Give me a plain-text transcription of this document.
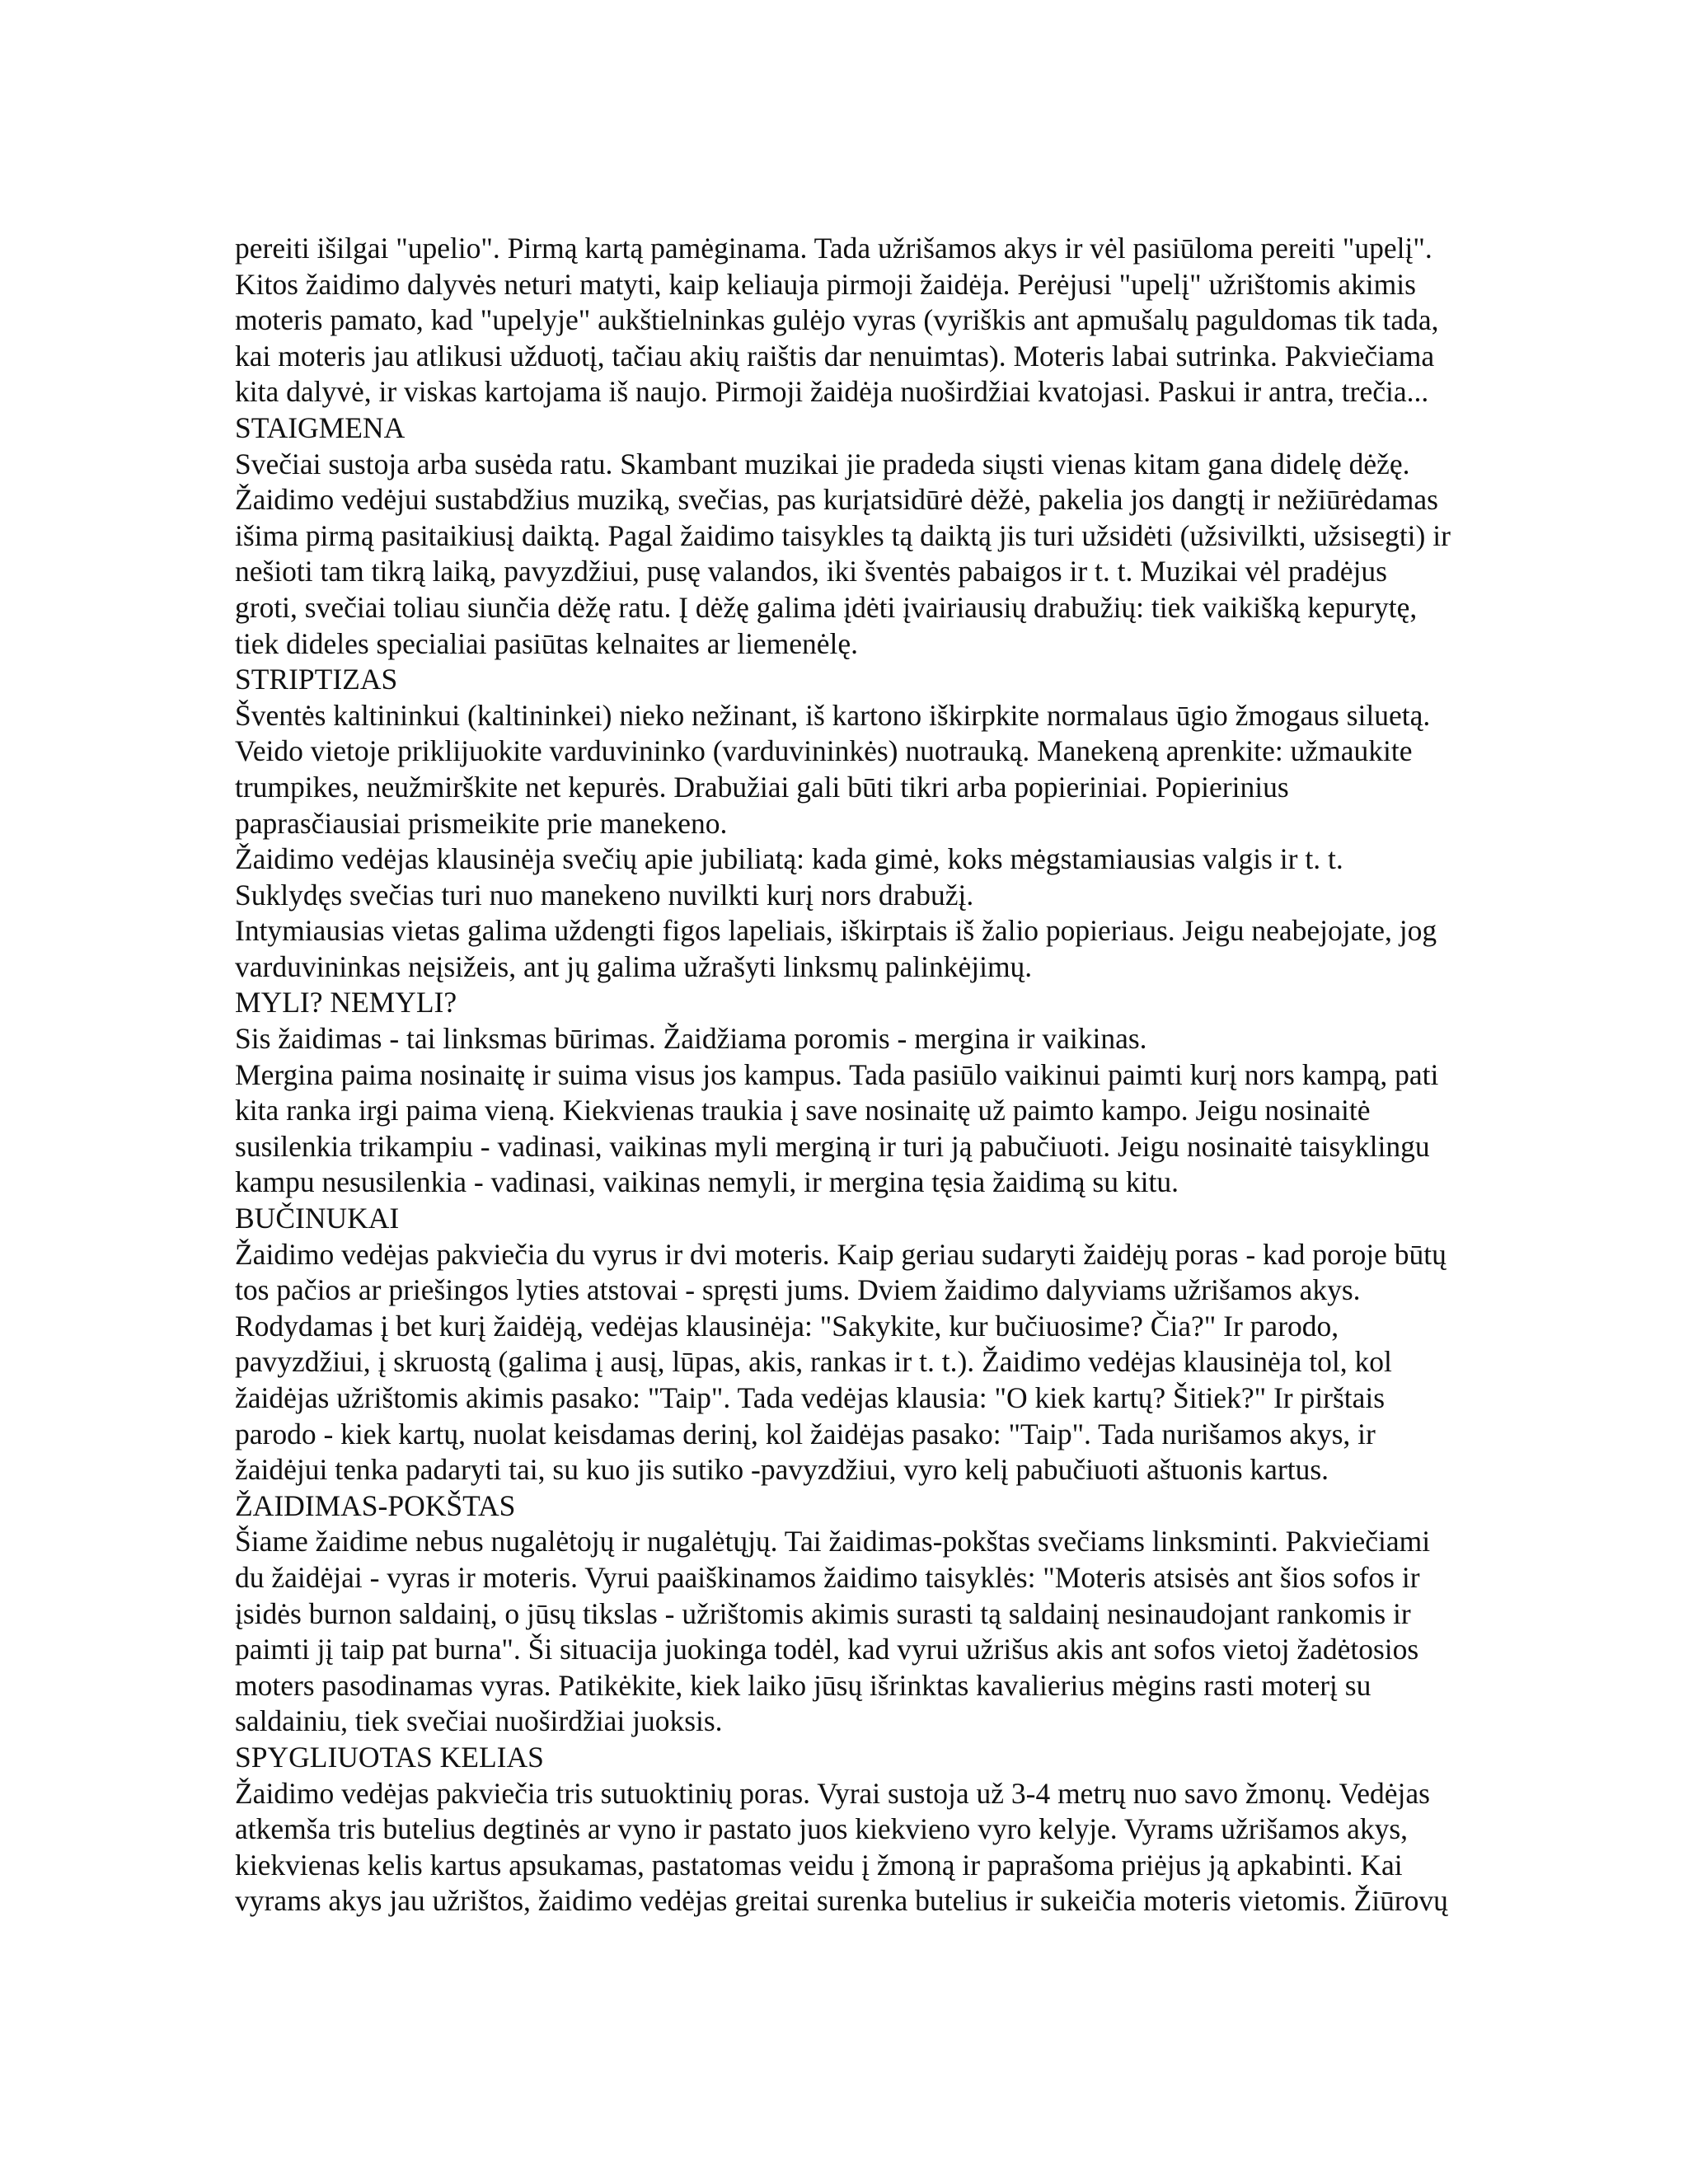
pereiti išilgai "upelio". Pirmą kartą pamėginama. Tada užrišamos akys ir vėl pasiūloma pereiti "upelį".
Kitos žaidimo dalyvės neturi matyti, kaip keliauja pirmoji žaidėja. Perėjusi "upelį" užrištomis akimis
moteris pamato, kad "upelyje" aukštielninkas gulėjo vyras (vyriškis ant apmušalų paguldomas tik tada,
kai moteris jau atlikusi užduotį, tačiau akių raištis dar nenuimtas). Moteris labai sutrinka. Pakviečiama
kita dalyvė, ir viskas kartojama iš naujo. Pirmoji žaidėja nuoširdžiai kvatojasi. Paskui ir antra, trečia...
STAIGMENA
Svečiai sustoja arba susėda ratu. Skambant muzikai jie pradeda siųsti vienas kitam gana didelę dėžę.
Žaidimo vedėjui sustabdžius muziką, svečias, pas kurįatsidūrė dėžė, pakelia jos dangtį ir nežiūrėdamas
išima pirmą pasitaikiusį daiktą. Pagal žaidimo taisykles tą daiktą jis turi užsidėti (užsivilkti, užsisegti) ir
nešioti tam tikrą laiką, pavyzdžiui, pusę valandos, iki šventės pabaigos ir t. t. Muzikai vėl pradėjus
groti, svečiai toliau siunčia dėžę ratu. Į dėžę galima įdėti įvairiausių drabužių: tiek vaikišką kepurytę,
tiek dideles specialiai pasiūtas kelnaites ar liemenėlę.
STRIPTIZAS
Šventės kaltininkui (kaltininkei) nieko nežinant, iš kartono iškirpkite normalaus ūgio žmogaus siluetą.
Veido vietoje priklijuokite varduvininko (varduvininkės) nuotrauką. Manekeną aprenkite: užmaukite
trumpikes, neužmirškite net kepurės. Drabužiai gali būti tikri arba popieriniai. Popierinius
paprasčiausiai prismeikite prie manekeno.
Žaidimo vedėjas klausinėja svečių apie jubiliatą: kada gimė, koks mėgstamiausias valgis ir t. t.
Suklydęs svečias turi nuo manekeno nuvilkti kurį nors drabužį.
Intymiausias vietas galima uždengti figos lapeliais, iškirptais iš žalio popieriaus. Jeigu neabejojate, jog
varduvininkas neįsižeis, ant jų galima užrašyti linksmų palinkėjimų.
MYLI? NEMYLI?
Sis žaidimas - tai linksmas būrimas. Žaidžiama poromis - mergina ir vaikinas.
Mergina paima nosinaitę ir suima visus jos kampus. Tada pasiūlo vaikinui paimti kurį nors kampą, pati
kita ranka irgi paima vieną. Kiekvienas traukia į save nosinaitę už paimto kampo. Jeigu nosinaitė
susilenkia trikampiu - vadinasi, vaikinas myli merginą ir turi ją pabučiuoti. Jeigu nosinaitė taisyklingu
kampu nesusilenkia - vadinasi, vaikinas nemyli, ir mergina tęsia žaidimą su kitu.
BUČINUKAI
Žaidimo vedėjas pakviečia du vyrus ir dvi moteris. Kaip geriau sudaryti žaidėjų poras - kad poroje būtų
tos pačios ar priešingos lyties atstovai - spręsti jums. Dviem žaidimo dalyviams užrišamos akys.
Rodydamas į bet kurį žaidėją, vedėjas klausinėja: "Sakykite, kur bučiuosime? Čia?" Ir parodo,
pavyzdžiui, į skruostą (galima į ausį, lūpas, akis, rankas ir t. t.). Žaidimo vedėjas klausinėja tol, kol
žaidėjas užrištomis akimis pasako: "Taip". Tada vedėjas klausia: "O kiek kartų? Šitiek?" Ir pirštais
parodo - kiek kartų, nuolat keisdamas derinį, kol žaidėjas pasako: "Taip". Tada nurišamos akys, ir
žaidėjui tenka padaryti tai, su kuo jis sutiko -pavyzdžiui, vyro kelį pabučiuoti aštuonis kartus.
ŽAIDIMAS-POKŠTAS
Šiame žaidime nebus nugalėtojų ir nugalėtųjų. Tai žaidimas-pokštas svečiams linksminti. Pakviečiami
du žaidėjai - vyras ir moteris. Vyrui paaiškinamos žaidimo taisyklės: "Moteris atsisės ant šios sofos ir
įsidės burnon saldainį, o jūsų tikslas - užrištomis akimis surasti tą saldainį nesinaudojant rankomis ir
paimti jį taip pat burna". Ši situacija juokinga todėl, kad vyrui užrišus akis ant sofos vietoj žadėtosios
moters pasodinamas vyras. Patikėkite, kiek laiko jūsų išrinktas kavalierius mėgins rasti moterį su
saldainiu, tiek svečiai nuoširdžiai juoksis.
SPYGLIUOTAS KELIAS
Žaidimo vedėjas pakviečia tris sutuoktinių poras. Vyrai sustoja už 3-4 metrų nuo savo žmonų. Vedėjas
atkemša tris butelius degtinės ar vyno ir pastato juos kiekvieno vyro kelyje. Vyrams užrišamos akys,
kiekvienas kelis kartus apsukamas, pastatomas veidu į žmoną ir paprašoma priėjus ją apkabinti. Kai
vyrams akys jau užrištos, žaidimo vedėjas greitai surenka butelius ir sukeičia moteris vietomis. Žiūrovų
